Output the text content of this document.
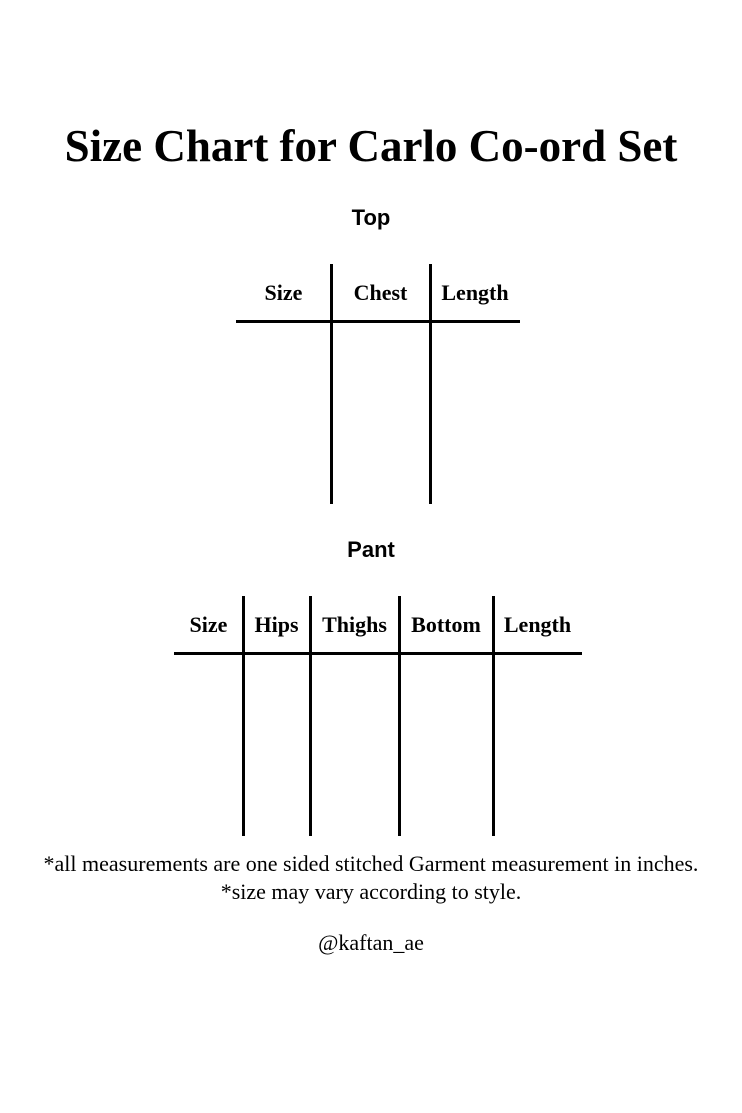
Size Chart for Carlo Co-ord Set
Top
Size	Chest	Length
Pant
Size	Hips	Thighs	Bottom	Length
*all measurements are one sided stitched Garment measurement in inches.
*size may vary according to style.
@kaftan_ae
